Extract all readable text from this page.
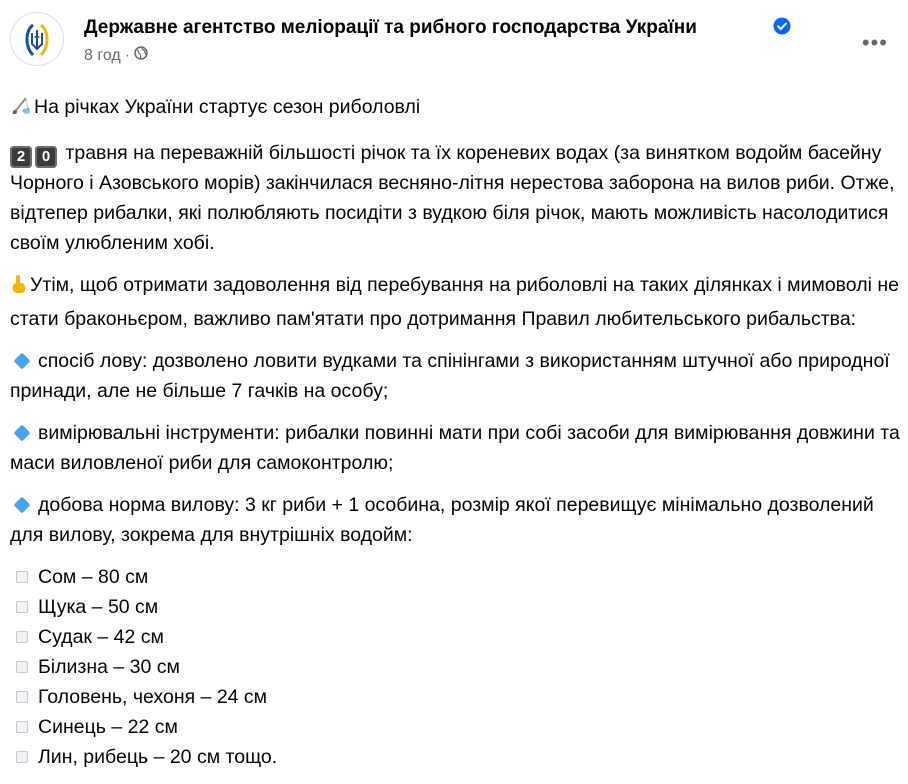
Державне агентство меліорації та рибного господарства України
8 год ·
•••

На річках України стартує сезон риболовлі

2 0 травня на переважній більшості річок та їх кореневих водах (за винятком водойм басейну Чорного і Азовського морів) закінчилася весняно-літня нерестова заборона на вилов риби. Отже, відтепер рибалки, які полюбляють посидіти з вудкою біля річок, мають можливість насолодитися своїм улюбленим хобі.

Утім, щоб отримати задоволення від перебування на риболовлі на таких ділянках і мимоволі не стати браконьєром, важливо пам'ятати про дотримання Правил любительського рибальства:

спосіб лову: дозволено ловити вудками та спінінгами з використанням штучної або природної принади, але не більше 7 гачків на особу;

вимірювальні інструменти: рибалки повинні мати при собі засоби для вимірювання довжини та маси виловленої риби для самоконтролю;

добова норма вилову: 3 кг риби + 1 особина, розмір якої перевищує мінімально дозволений для вилову, зокрема для внутрішніх водойм:

Сом – 80 см
Щука – 50 см
Судак – 42 см
Білизна – 30 см
Головень, чехоня – 24 см
Синець – 22 см
Лин, рибець – 20 см тощо.
